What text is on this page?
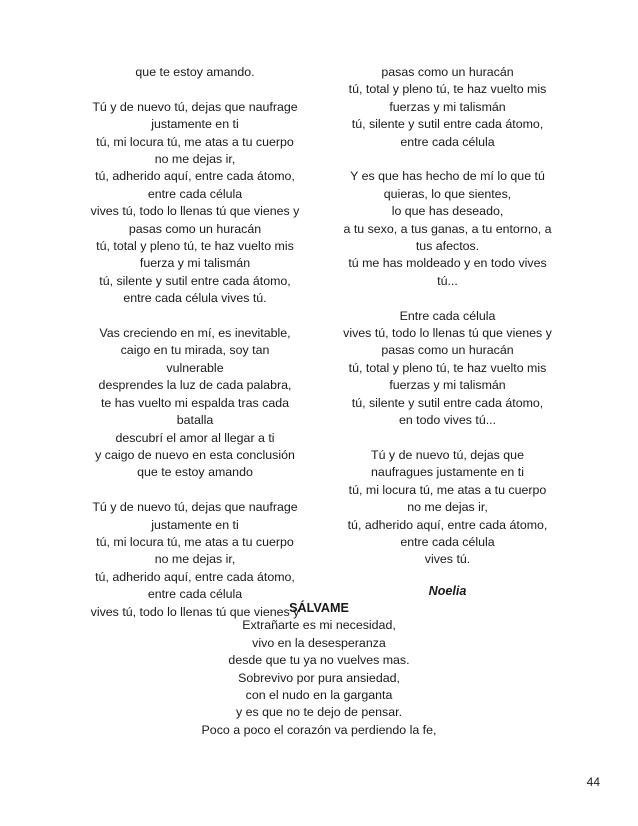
que te estoy amando.
Tú y de nuevo tú, dejas que naufrage
justamente en ti
tú, mi locura tú, me atas a tu cuerpo
no me dejas ir,
tú, adherido aquí, entre cada átomo,
entre cada célula
vives tú, todo lo llenas tú que vienes y
pasas como un huracán
tú, total y pleno tú, te haz vuelto mis
fuerza y mi talismán
tú, silente y sutil entre cada átomo,
entre cada célula vives tú.
Vas creciendo en mí, es inevitable,
caigo en tu mirada, soy tan
vulnerable
desprendes la luz de cada palabra,
te has vuelto mi espalda tras cada
batalla
descubrí el amor al llegar a ti
y caigo de nuevo en esta conclusión
que te estoy amando
Tú y de nuevo tú, dejas que naufrage
justamente en ti
tú, mi locura tú, me atas a tu cuerpo
no me dejas ir,
tú, adherido aquí, entre cada átomo,
entre cada célula
vives tú, todo lo llenas tú que vienes y
pasas como un huracán
tú, total y pleno tú, te haz vuelto mis
fuerzas y mi talismán
tú, silente y sutil entre cada átomo,
entre cada célula
Y es que has hecho de mí lo que tú
quieras, lo que sientes,
lo que has deseado,
a tu sexo, a tus ganas, a tu entorno, a
tus afectos.
tú me has moldeado y en todo vives
tú...
Entre cada célula
vives tú, todo lo llenas tú que vienes y
pasas como un huracán
tú, total y pleno tú, te haz vuelto mis
fuerzas y mi talismán
tú, silente y sutil entre cada átomo,
en todo vives tú...
Tú y de nuevo tú, dejas que
naufragues justamente en ti
tú, mi locura tú, me atas a tu cuerpo
no me dejas ir,
tú, adherido aquí, entre cada átomo,
entre cada célula
vives tú.
Noelia
SÁLVAME
Extrañarte es mi necesidad,
vivo en la desesperanza
desde que tu ya no vuelves mas.
Sobrevivo por pura ansiedad,
con el nudo en la garganta
y es que no te dejo de pensar.
Poco a poco el corazón va perdiendo la fe,
44
